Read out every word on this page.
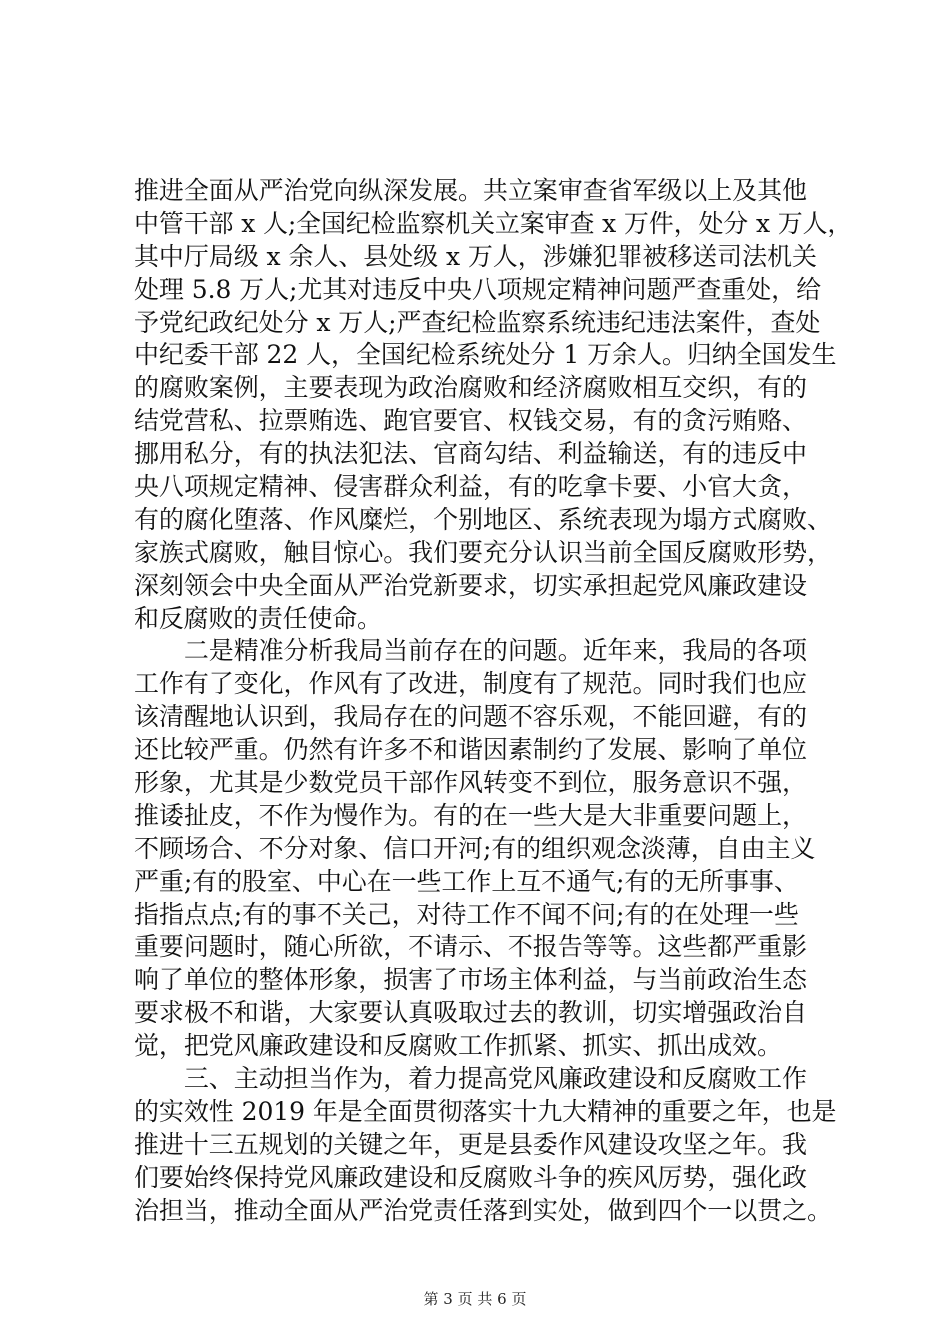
推进全面从严治党向纵深发展。共立案审查省军级以上及其他
中管干部 x 人;全国纪检监察机关立案审查 x 万件，处分 x 万人，
其中厅局级 x 余人、县处级 x 万人，涉嫌犯罪被移送司法机关
处理 5.8 万人;尤其对违反中央八项规定精神问题严查重处，给
予党纪政纪处分 x 万人;严查纪检监察系统违纪违法案件，查处
中纪委干部 22 人，全国纪检系统处分 1 万余人。归纳全国发生
的腐败案例，主要表现为政治腐败和经济腐败相互交织，有的
结党营私、拉票贿选、跑官要官、权钱交易，有的贪污贿赂、
挪用私分，有的执法犯法、官商勾结、利益输送，有的违反中
央八项规定精神、侵害群众利益，有的吃拿卡要、小官大贪，
有的腐化堕落、作风糜烂，个别地区、系统表现为塌方式腐败、
家族式腐败，触目惊心。我们要充分认识当前全国反腐败形势，
深刻领会中央全面从严治党新要求，切实承担起党风廉政建设
和反腐败的责任使命。
　　二是精准分析我局当前存在的问题。近年来，我局的各项
工作有了变化，作风有了改进，制度有了规范。同时我们也应
该清醒地认识到，我局存在的问题不容乐观，不能回避，有的
还比较严重。仍然有许多不和谐因素制约了发展、影响了单位
形象，尤其是少数党员干部作风转变不到位，服务意识不强，
推诿扯皮，不作为慢作为。有的在一些大是大非重要问题上，
不顾场合、不分对象、信口开河;有的组织观念淡薄，自由主义
严重;有的股室、中心在一些工作上互不通气;有的无所事事、
指指点点;有的事不关己，对待工作不闻不问;有的在处理一些
重要问题时，随心所欲，不请示、不报告等等。这些都严重影
响了单位的整体形象，损害了市场主体利益，与当前政治生态
要求极不和谐，大家要认真吸取过去的教训，切实增强政治自
觉，把党风廉政建设和反腐败工作抓紧、抓实、抓出成效。
　　三、主动担当作为，着力提高党风廉政建设和反腐败工作
的实效性 2019 年是全面贯彻落实十九大精神的重要之年，也是
推进十三五规划的关键之年，更是县委作风建设攻坚之年。我
们要始终保持党风廉政建设和反腐败斗争的疾风厉势，强化政
治担当，推动全面从严治党责任落到实处，做到四个一以贯之。
第 3 页 共 6 页
